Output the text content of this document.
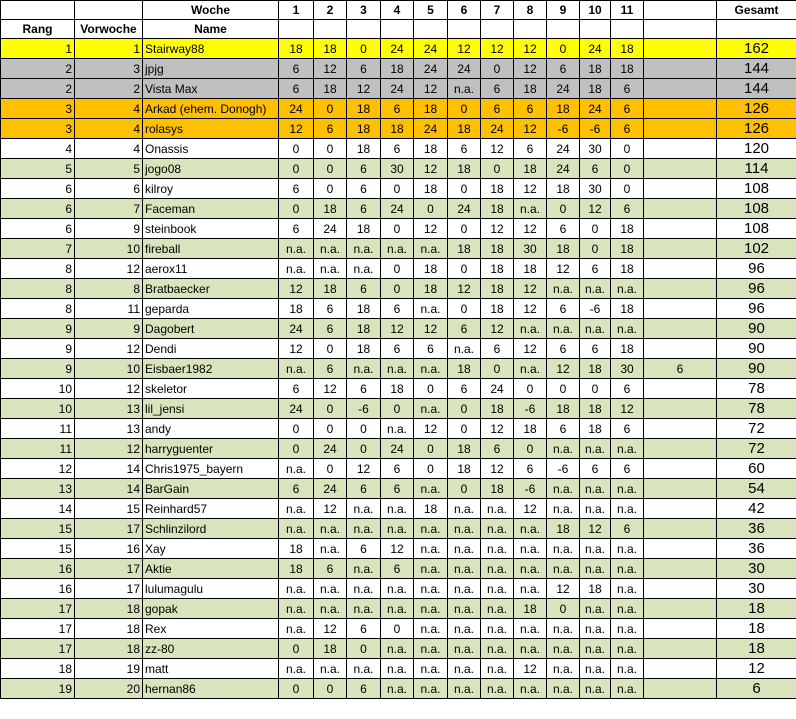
		Woche	1	2	3	4	5	6	7	8	9	10	11		Gesamt	
Rang	Vorwoche	Name														
1	1	Stairway88	18	18	0	24	24	12	12	12	0	24	18		162	
2	3	jpjg	6	12	6	18	24	24	0	12	6	18	18		144	
2	2	Vista Max	6	18	12	24	12	n.a.	6	18	24	18	6		144	
3	4	Arkad (ehem. Donogh)	24	0	18	6	18	0	6	6	18	24	6		126	
3	4	rolasys	12	6	18	18	24	18	24	12	-6	-6	6		126	
4	4	Onassis	0	0	18	6	18	6	12	6	24	30	0		120	
5	5	jogo08	0	0	6	30	12	18	0	18	24	6	0		114	
6	6	kilroy	6	0	6	0	18	0	18	12	18	30	0		108	
6	7	Faceman	0	18	6	24	0	24	18	n.a.	0	12	6		108	
6	9	steinbook	6	24	18	0	12	0	12	12	6	0	18		108	
7	10	fireball	n.a.	n.a.	n.a.	n.a.	n.a.	18	18	30	18	0	18		102	
8	12	aerox11	n.a.	n.a.	n.a.	0	18	0	18	18	12	6	18		96	
8	8	Bratbaecker	12	18	6	0	18	12	18	12	n.a.	n.a.	n.a.		96	
8	11	geparda	18	6	18	6	n.a.	0	18	12	6	-6	18		96	
9	9	Dagobert	24	6	18	12	12	6	12	n.a.	n.a.	n.a.	n.a.		90	
9	12	Dendi	12	0	18	6	6	n.a.	6	12	6	6	18		90	
9	10	Eisbaer1982	n.a.	6	n.a.	n.a.	n.a.	18	0	n.a.	12	18	30	6	90	
10	12	skeletor	6	12	6	18	0	6	24	0	0	0	6		78	
10	13	lil_jensi	24	0	-6	0	n.a.	0	18	-6	18	18	12		78	
11	13	andy	0	0	0	n.a.	12	0	12	18	6	18	6		72	
11	12	harryguenter	0	24	0	24	0	18	6	0	n.a.	n.a.	n.a.		72	
12	14	Chris1975_bayern	n.a.	0	12	6	0	18	12	6	-6	6	6		60	
13	14	BarGain	6	24	6	6	n.a.	0	18	-6	n.a.	n.a.	n.a.		54	
14	15	Reinhard57	n.a.	12	n.a.	n.a.	18	n.a.	n.a.	12	n.a.	n.a.	n.a.		42	
15	17	Schlinzilord	n.a.	n.a.	n.a.	n.a.	n.a.	n.a.	n.a.	n.a.	18	12	6		36	
15	16	Xay	18	n.a.	6	12	n.a.	n.a.	n.a.	n.a.	n.a.	n.a.	n.a.		36	
16	17	Aktie	18	6	n.a.	6	n.a.	n.a.	n.a.	n.a.	n.a.	n.a.	n.a.		30	
16	17	lulumagulu	n.a.	n.a.	n.a.	n.a.	n.a.	n.a.	n.a.	n.a.	12	18	n.a.		30	
17	18	gopak	n.a.	n.a.	n.a.	n.a.	n.a.	n.a.	n.a.	18	0	n.a.	n.a.		18	
17	18	Rex	n.a.	12	6	0	n.a.	n.a.	n.a.	n.a.	n.a.	n.a.	n.a.		18	
17	18	zz-80	0	18	0	n.a.	n.a.	n.a.	n.a.	n.a.	n.a.	n.a.	n.a.		18	
18	19	matt	n.a.	n.a.	n.a.	n.a.	n.a.	n.a.	n.a.	12	n.a.	n.a.	n.a.		12	
19	20	hernan86	0	0	6	n.a.	n.a.	n.a.	n.a.	n.a.	n.a.	n.a.	n.a.		6	
